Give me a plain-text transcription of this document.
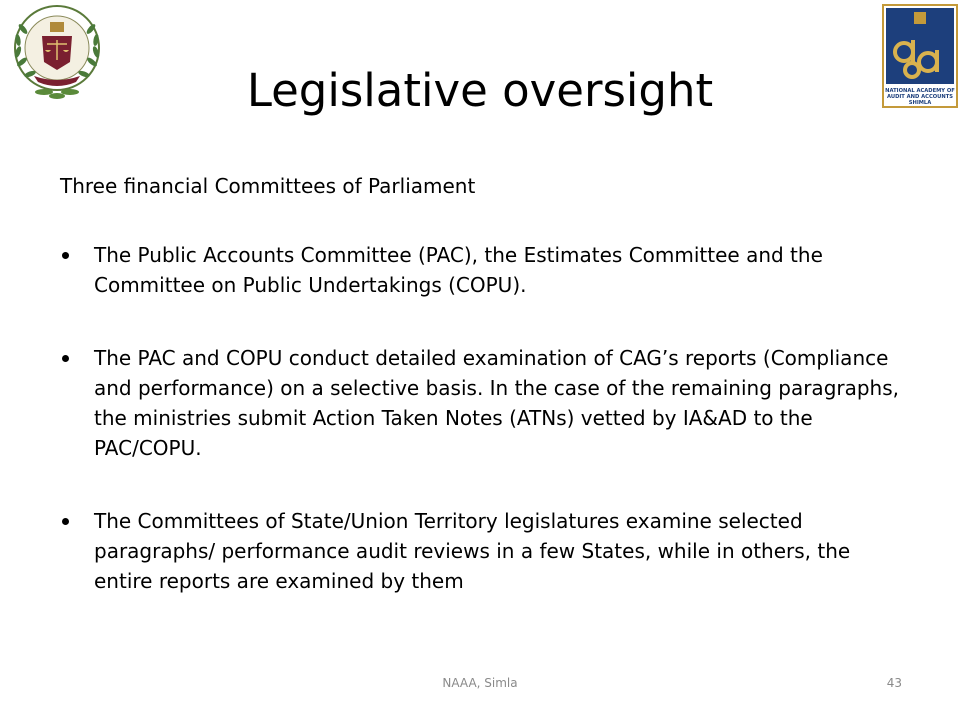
NATIONAL ACADEMY OF
AUDIT AND ACCOUNTS
SHIMLA
Legislative oversight

Three financial Committees of Parliament

The Public Accounts Committee (PAC), the Estimates Committee and the Committee on Public Undertakings (COPU).
The PAC and COPU conduct detailed examination of CAG’s reports (Compliance and performance) on a selective basis. In the case of the remaining paragraphs, the ministries submit Action Taken Notes (ATNs) vetted by IA&AD to the PAC/COPU.
The Committees of State/Union Territory legislatures examine selected paragraphs/ performance audit reviews in a few States, while in others, the entire reports are examined by them
NAAA, Simla	43
